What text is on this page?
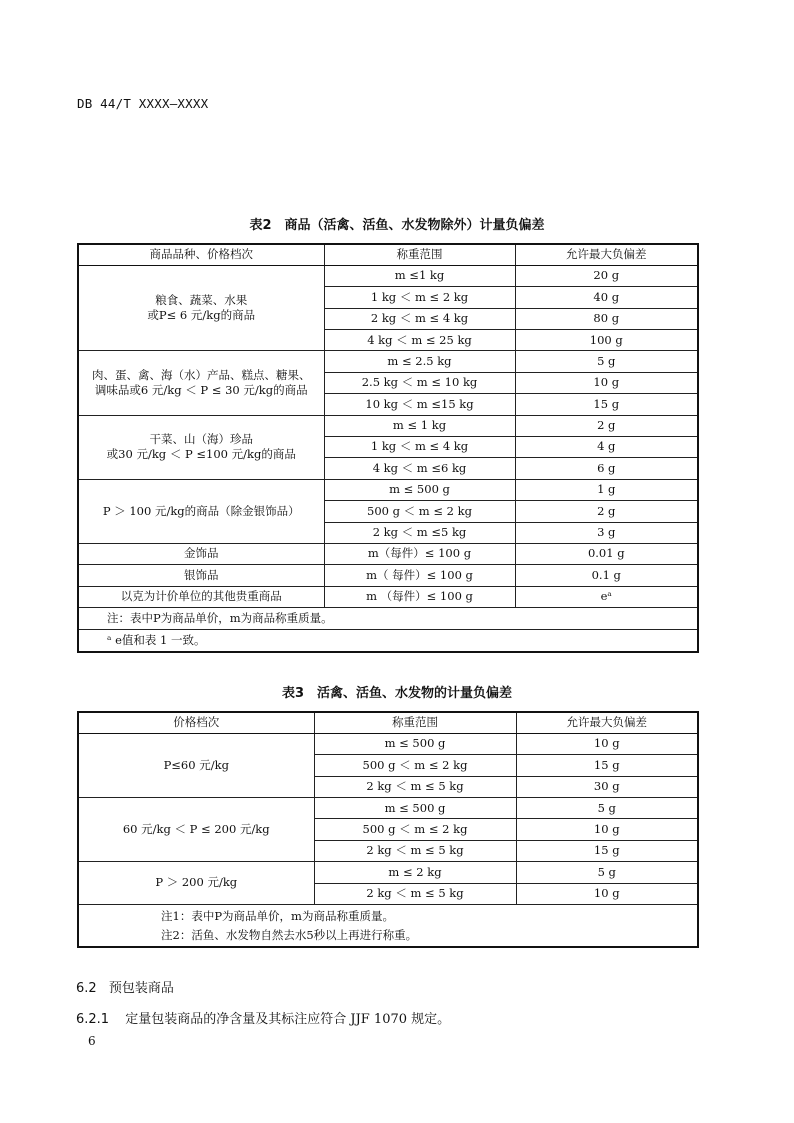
DB 44/T XXXX—XXXX
表2　商品（活禽、活鱼、水发物除外）计量负偏差
商品品种、价格档次	称重范围	允许最大负偏差

粮食、蔬菜、水果
或P≤ 6 元/kg的商品	m ≤1 kg	20 g
	1 kg ＜ m ≤ 2 kg	40 g
	2 kg ＜ m ≤ 4 kg	80 g
	4 kg ＜ m ≤ 25 kg	100 g

肉、蛋、禽、海（水）产品、糕点、糖果、
调味品或6 元/kg ＜ P ≤ 30 元/kg的商品	m ≤ 2.5 kg	5 g
	2.5 kg ＜ m ≤ 10 kg	10 g
	10 kg ＜ m ≤15 kg	15 g

干菜、山（海）珍品
或30 元/kg ＜ P ≤100 元/kg的商品	m ≤ 1 kg	2 g
	1 kg ＜ m ≤ 4 kg	4 g
	4 kg ＜ m ≤6 kg	6 g
P ＞ 100 元/kg的商品（除金银饰品）	m ≤ 500 g	1 g
	500 g ＜ m ≤ 2 kg	2 g
	2 kg ＜ m ≤5 kg	3 g
金饰品	m（每件）≤ 100 g	0.01 g
银饰品	m（ 每件）≤ 100 g	0.1 g
以克为计价单位的其他贵重商品	m （每件）≤ 100 g	eᵃ
注：表中P为商品单价，m为商品称重质量。		
ᵃ e值和表 1 一致。		
表3　活禽、活鱼、水发物的计量负偏差
价格档次	称重范围	允许最大负偏差
P≤60 元/kg	m ≤ 500 g	10 g
	500 g ＜ m ≤ 2 kg	15 g
	2 kg ＜ m ≤ 5 kg	30 g
60 元/kg ＜ P ≤ 200 元/kg	m ≤ 500 g	5 g
	500 g ＜ m ≤ 2 kg	10 g
	2 kg ＜ m ≤ 5 kg	15 g
P ＞ 200 元/kg	m ≤ 2 kg	5 g
	2 kg ＜ m ≤ 5 kg	10 g
注1：表中P为商品单价，m为商品称重质量。		
注2：活鱼、水发物自然去水5秒以上再进行称重。		
6.2 预包装商品
6.2.1 定量包装商品的净含量及其标注应符合 JJF 1070 规定。
6
